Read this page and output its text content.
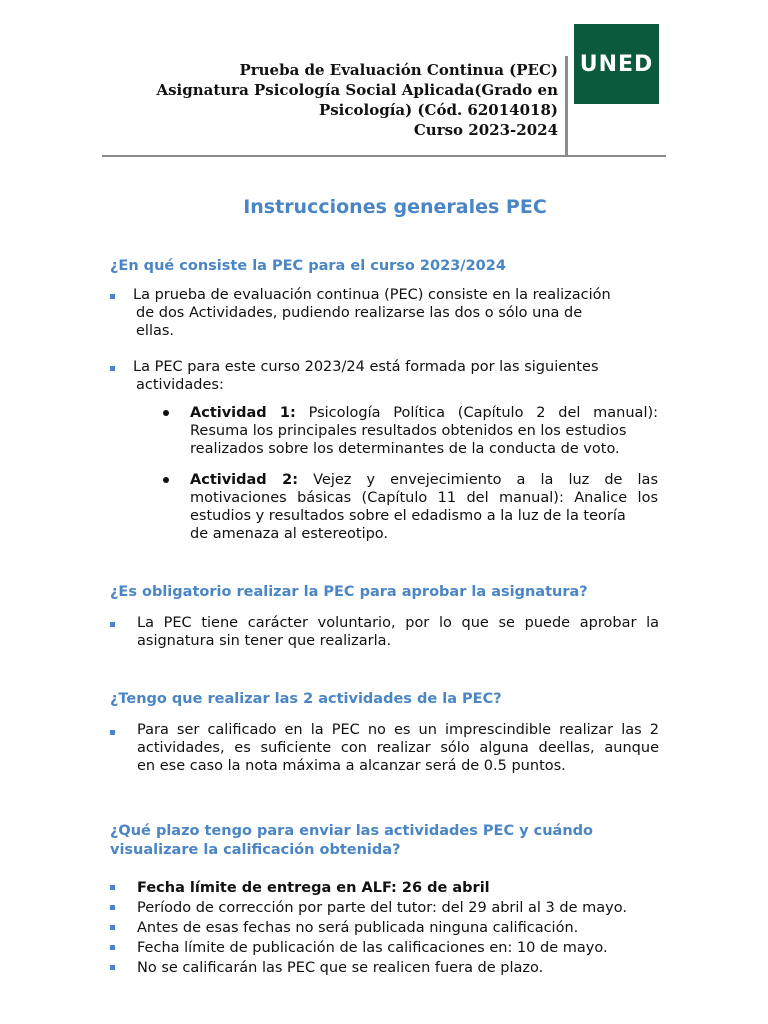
Prueba de Evaluación Continua (PEC)
Asignatura Psicología Social Aplicada(Grado en
Psicología) (Cód. 62014018)
Curso 2023-2024
UNED
Instrucciones generales PEC
¿En qué consiste la PEC para el curso 2023/2024
La prueba de evaluación continua (PEC) consiste en la realización
de dos Actividades, pudiendo realizarse las dos o sólo una de
ellas.
La PEC para este curso 2023/24 está formada por las siguientes
actividades:
Actividad 1: Psicología Política (Capítulo 2 del manual):
Resuma los principales resultados obtenidos en los estudios
realizados sobre los determinantes de la conducta de voto.
Actividad 2: Vejez y envejecimiento a la luz de las
motivaciones básicas (Capítulo 11 del manual): Analice los
estudios y resultados sobre el edadismo a la luz de la teoría
de amenaza al estereotipo.
¿Es obligatorio realizar la PEC para aprobar la asignatura?
La PEC tiene carácter voluntario, por lo que se puede aprobar la
asignatura sin tener que realizarla.
¿Tengo que realizar las 2 actividades de la PEC?
Para ser calificado en la PEC no es un imprescindible realizar las 2
actividades, es suficiente con realizar sólo alguna deellas, aunque
en ese caso la nota máxima a alcanzar será de 0.5 puntos.
¿Qué plazo tengo para enviar las actividades PEC y cuándo
visualizare la calificación obtenida?
Fecha límite de entrega en ALF: 26 de abril
Período de corrección por parte del tutor: del 29 abril al 3 de mayo.
Antes de esas fechas no será publicada ninguna calificación.
Fecha límite de publicación de las calificaciones en: 10 de mayo.
No se calificarán las PEC que se realicen fuera de plazo.
